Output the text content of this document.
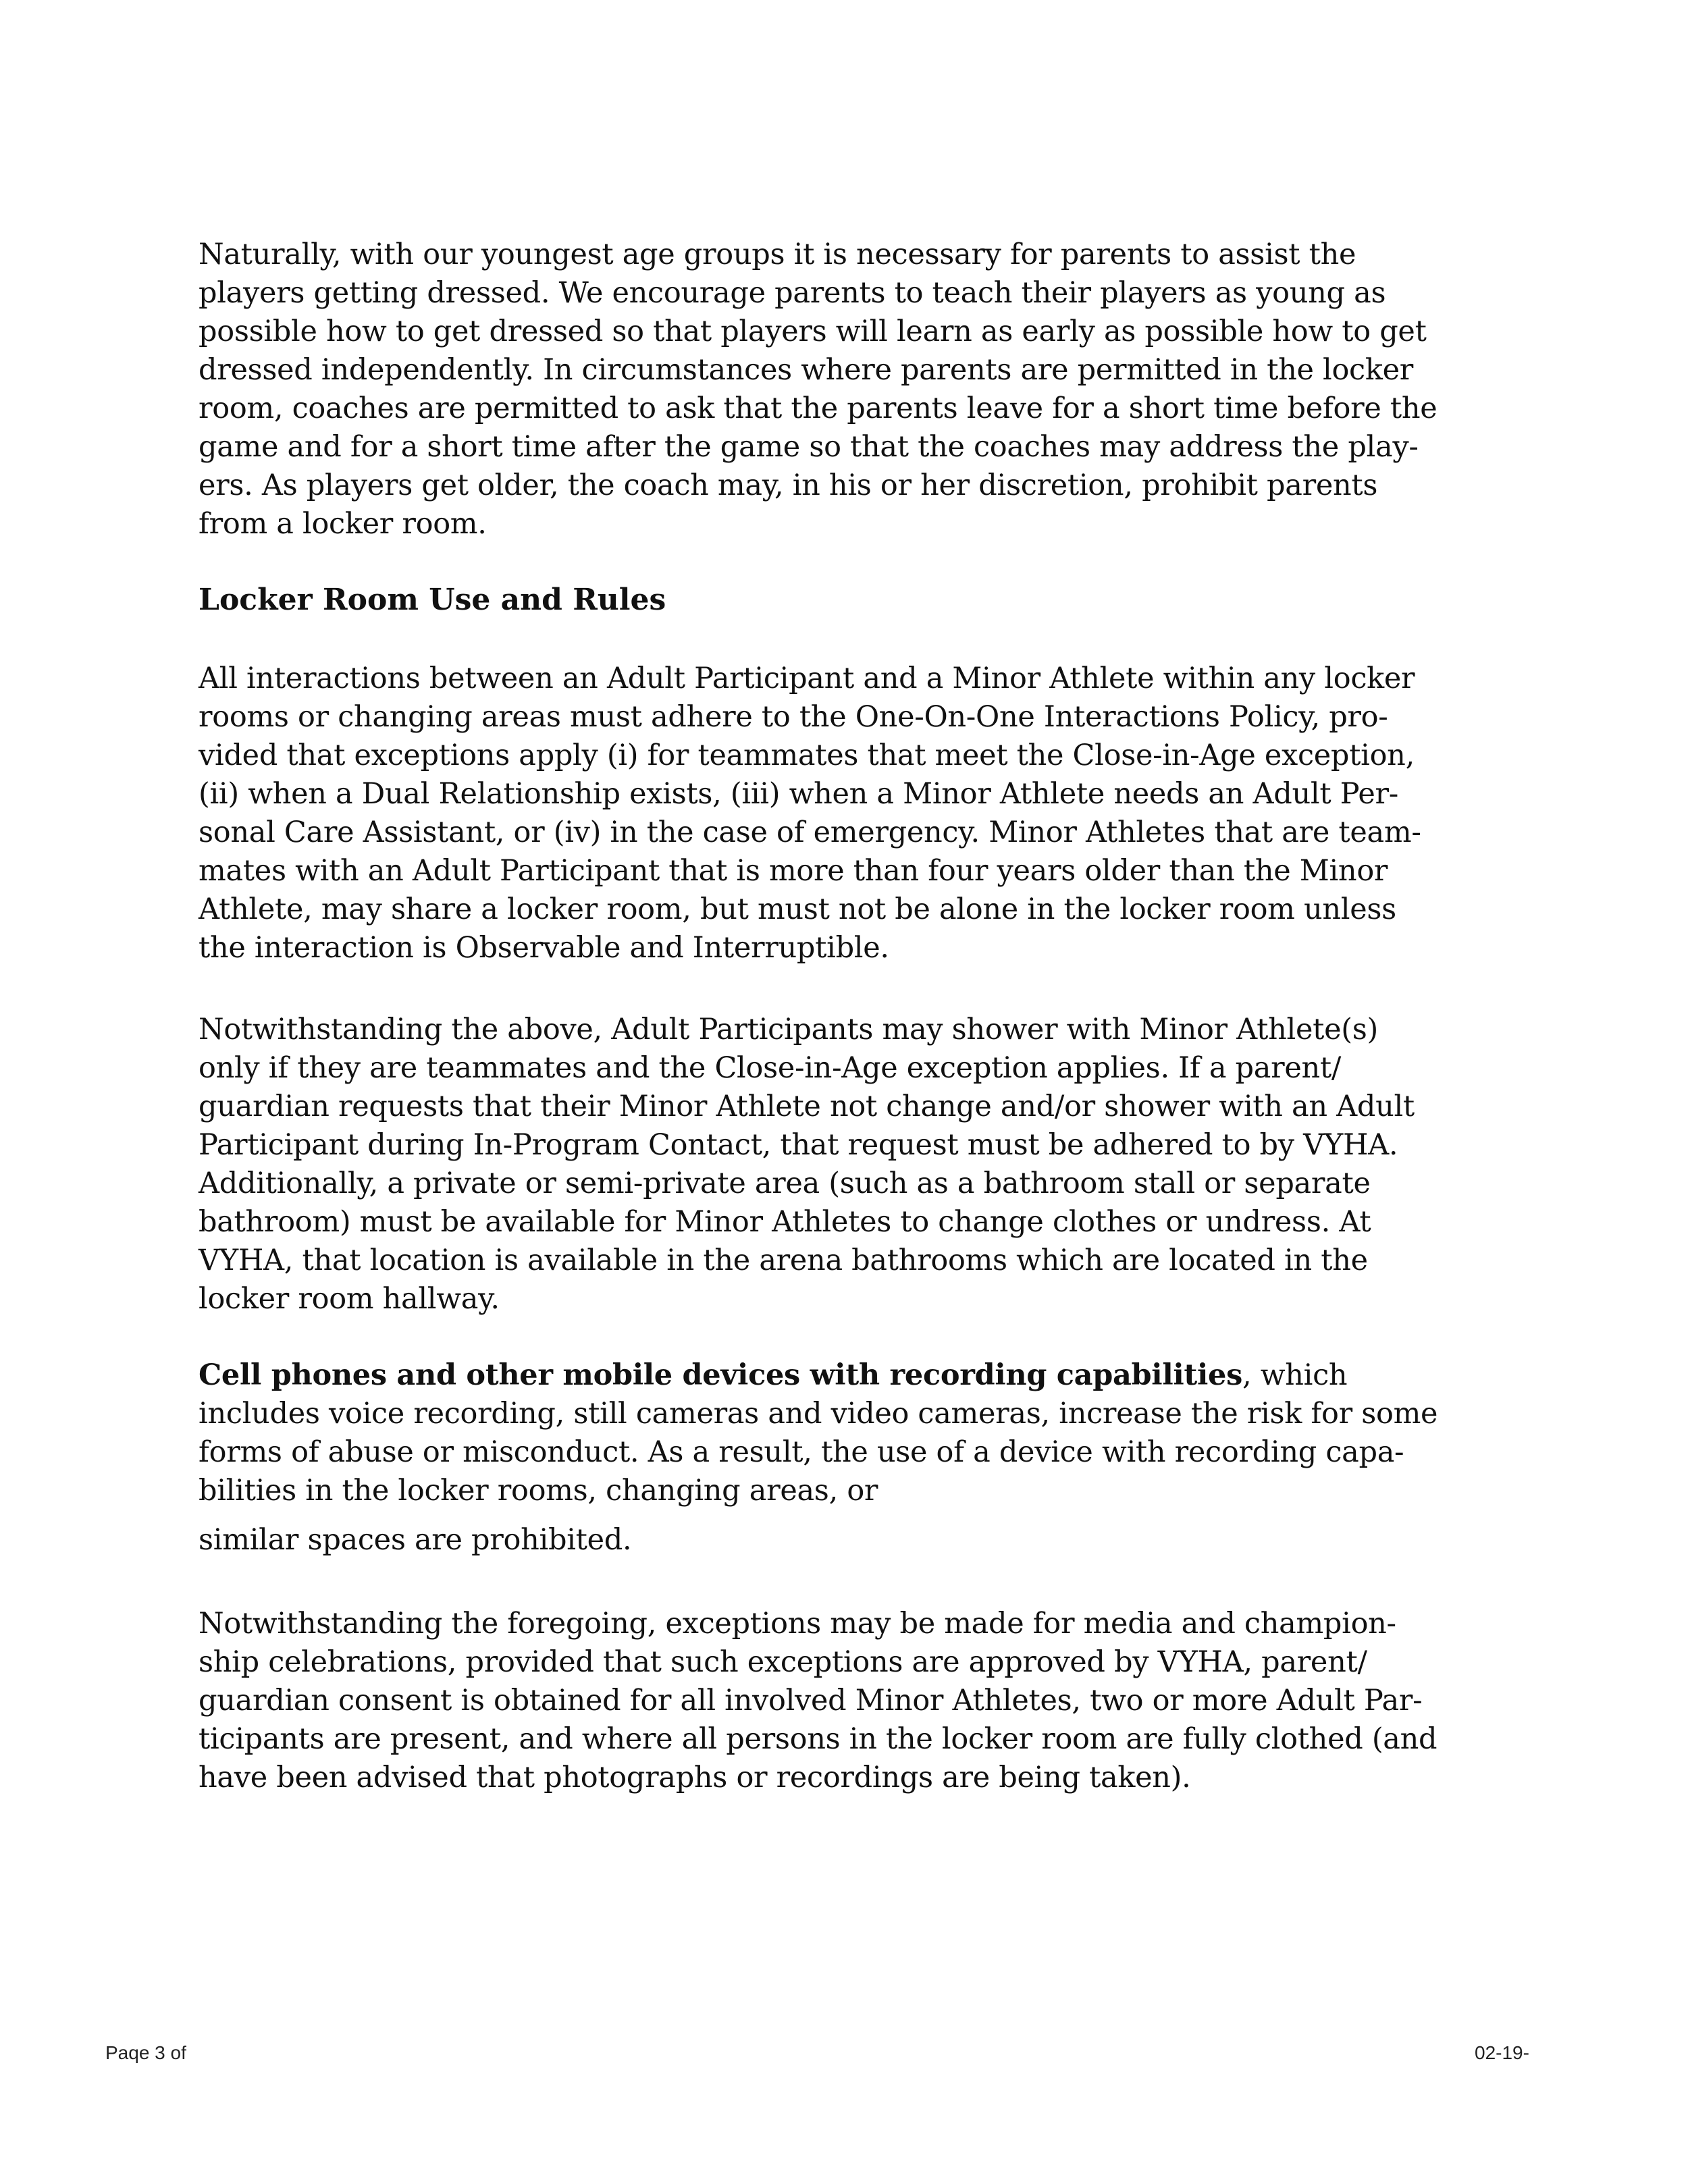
Naturally, with our youngest age groups it is necessary for parents to assist the
players getting dressed. We encourage parents to teach their players as young as
possible how to get dressed so that players will learn as early as possible how to get
dressed independently. In circumstances where parents are permitted in the locker
room, coaches are permitted to ask that the parents leave for a short time before the
game and for a short time after the game so that the coaches may address the play-
ers. As players get older, the coach may, in his or her discretion, prohibit parents
from a locker room.
Locker Room Use and Rules
All interactions between an Adult Participant and a Minor Athlete within any locker
rooms or changing areas must adhere to the One-On-One Interactions Policy, pro-
vided that exceptions apply (i) for teammates that meet the Close-in-Age exception,
(ii) when a Dual Relationship exists, (iii) when a Minor Athlete needs an Adult Per-
sonal Care Assistant, or (iv) in the case of emergency. Minor Athletes that are team-
mates with an Adult Participant that is more than four years older than the Minor
Athlete, may share a locker room, but must not be alone in the locker room unless
the interaction is Observable and Interruptible.
Notwithstanding the above, Adult Participants may shower with Minor Athlete(s)
only if they are teammates and the Close-in-Age exception applies. If a parent/
guardian requests that their Minor Athlete not change and/or shower with an Adult
Participant during In-Program Contact, that request must be adhered to by VYHA.
Additionally, a private or semi-private area (such as a bathroom stall or separate
bathroom) must be available for Minor Athletes to change clothes or undress. At
VYHA, that location is available in the arena bathrooms which are located in the
locker room hallway.
Cell phones and other mobile devices with recording capabilities, which
includes voice recording, still cameras and video cameras, increase the risk for some
forms of abuse or misconduct. As a result, the use of a device with recording capa-
bilities in the locker rooms, changing areas, or
similar spaces are prohibited.
Notwithstanding the foregoing, exceptions may be made for media and champion-
ship celebrations, provided that such exceptions are approved by VYHA, parent/
guardian consent is obtained for all involved Minor Athletes, two or more Adult Par-
ticipants are present, and where all persons in the locker room are fully clothed (and
have been advised that photographs or recordings are being taken).
Paqe 3 of	02-19-
